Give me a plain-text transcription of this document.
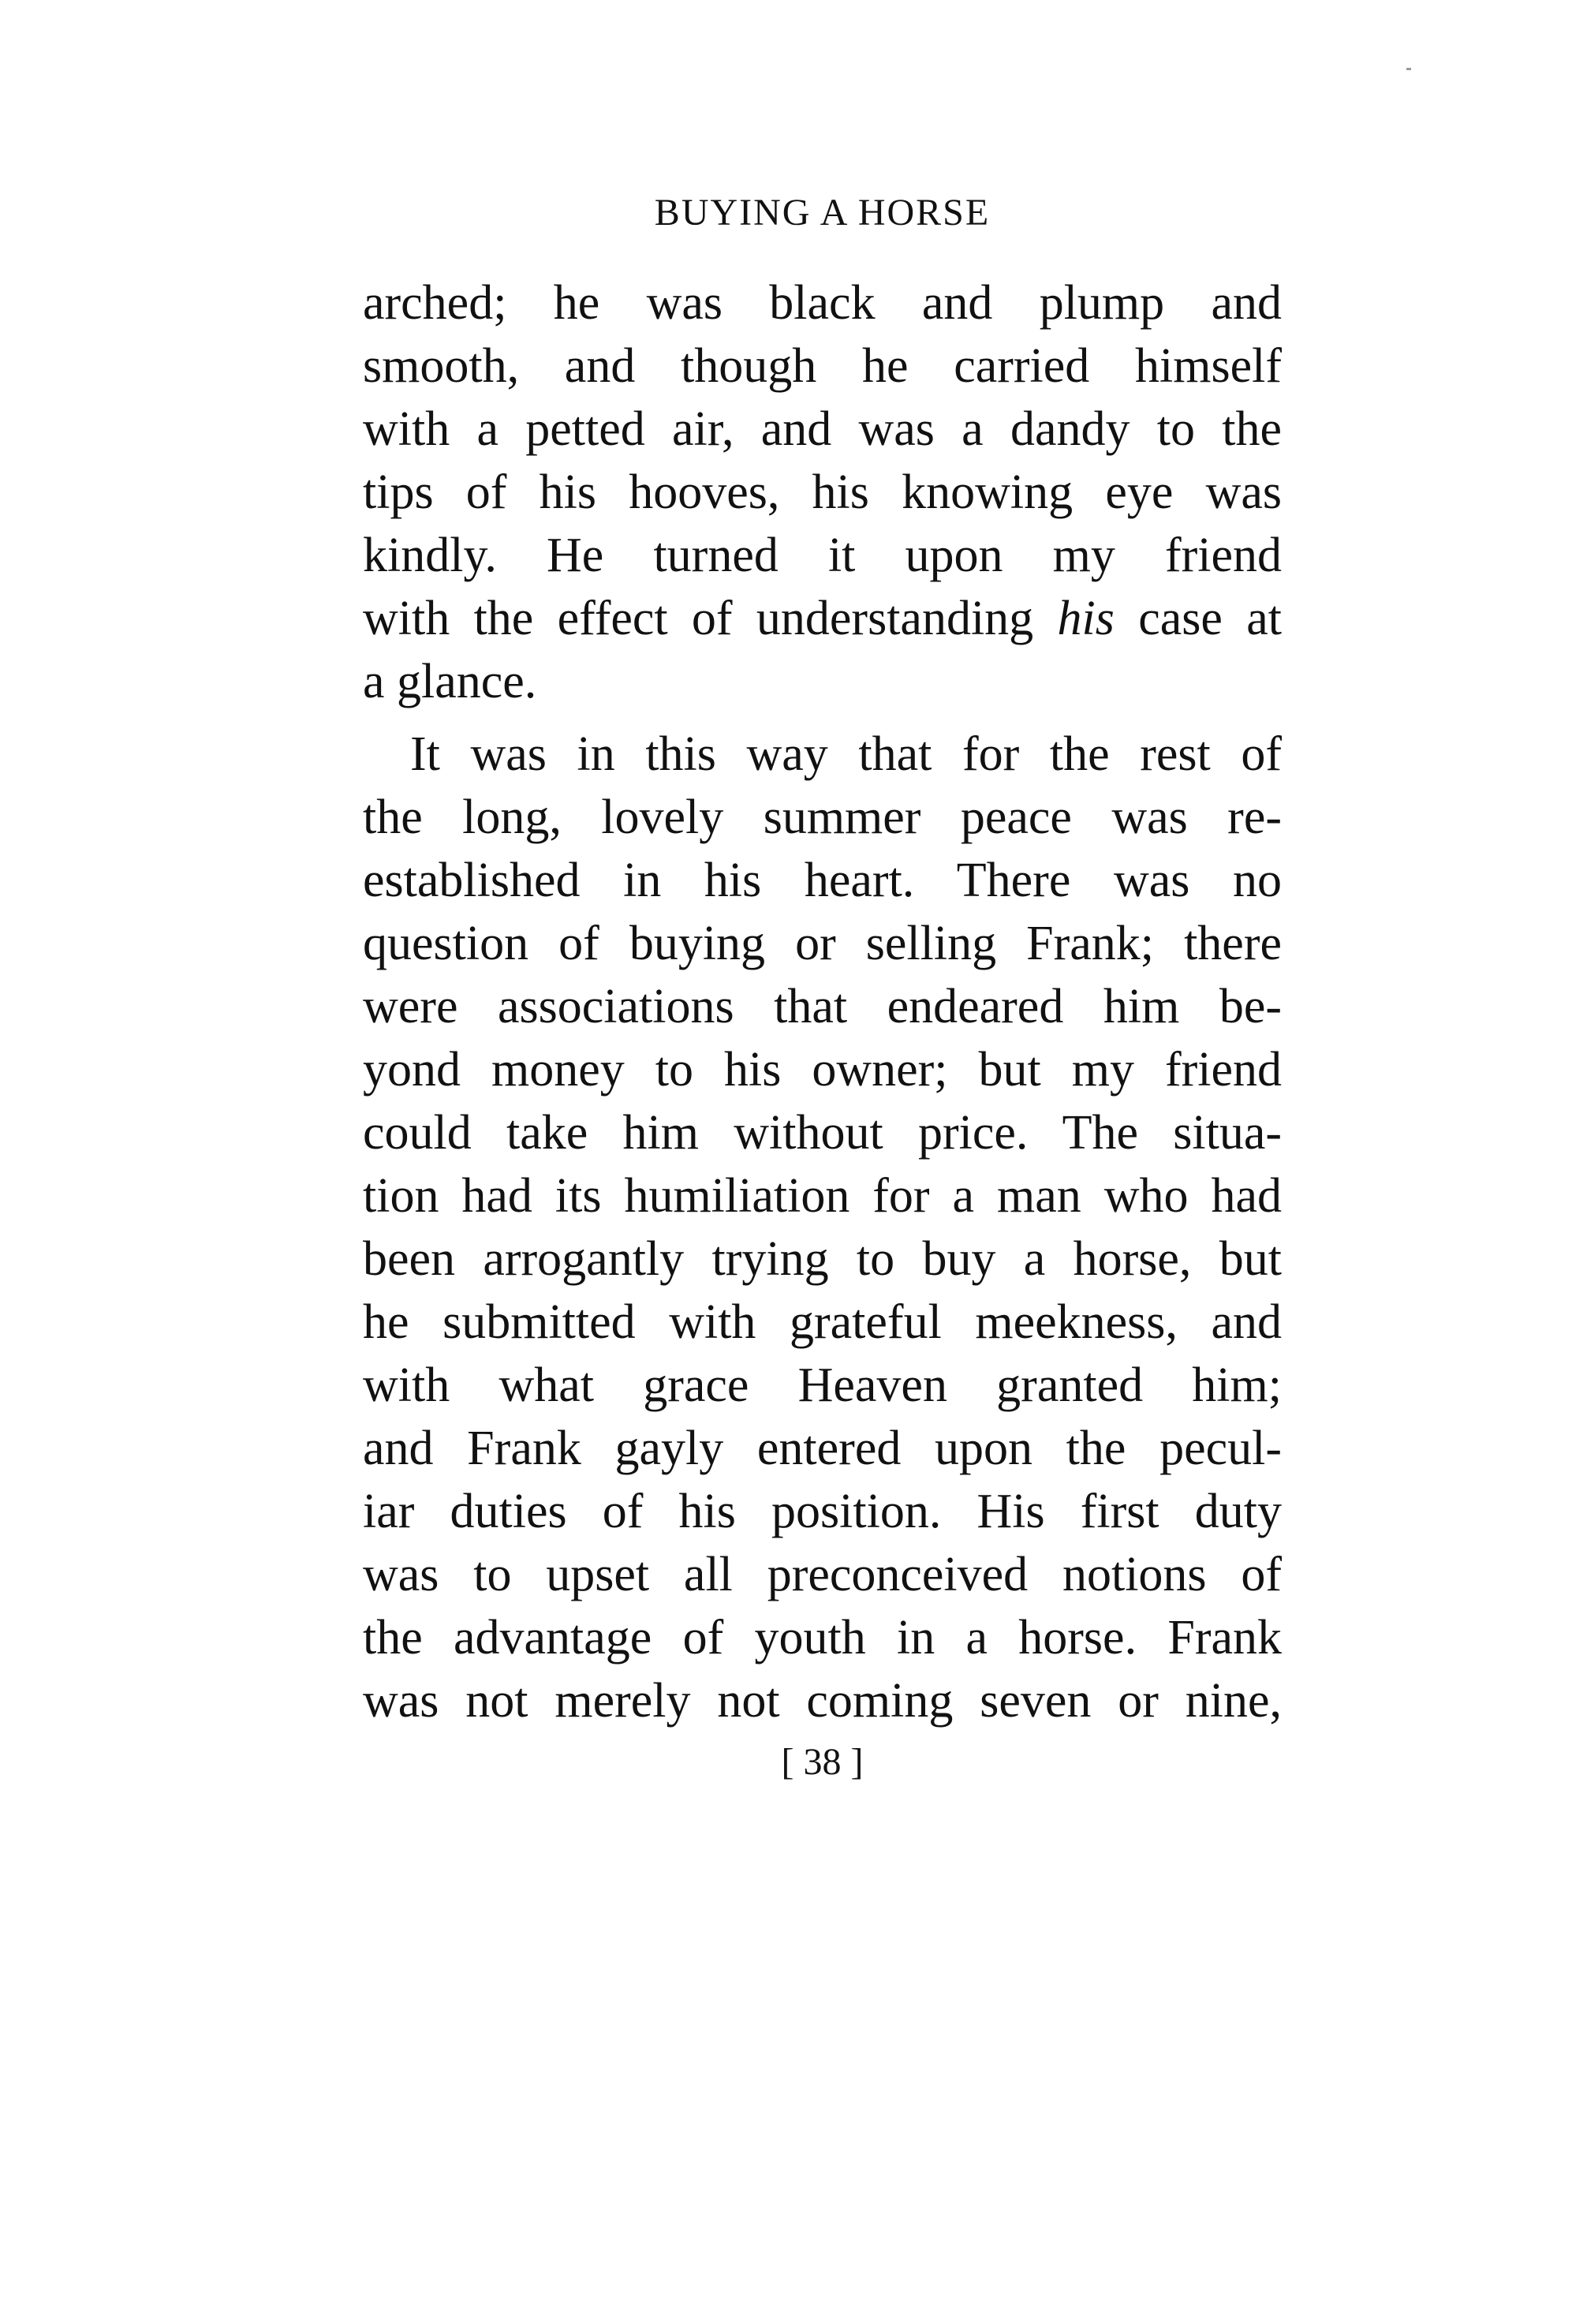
BUYING A HORSE
arched; he was black and plump and
smooth, and though he carried himself
with a petted air, and was a dandy to the
tips of his hooves, his knowing eye was
kindly. He turned it upon my friend
with the effect of understanding his case at
a glance.
It was in this way that for the rest of
the long, lovely summer peace was re-
established in his heart. There was no
question of buying or selling Frank; there
were associations that endeared him be-
yond money to his owner; but my friend
could take him without price. The situa-
tion had its humiliation for a man who had
been arrogantly trying to buy a horse, but
he submitted with grateful meekness, and
with what grace Heaven granted him;
and Frank gayly entered upon the pecul-
iar duties of his position. His first duty
was to upset all preconceived notions of
the advantage of youth in a horse. Frank
was not merely not coming seven or nine,
[ 38 ]
